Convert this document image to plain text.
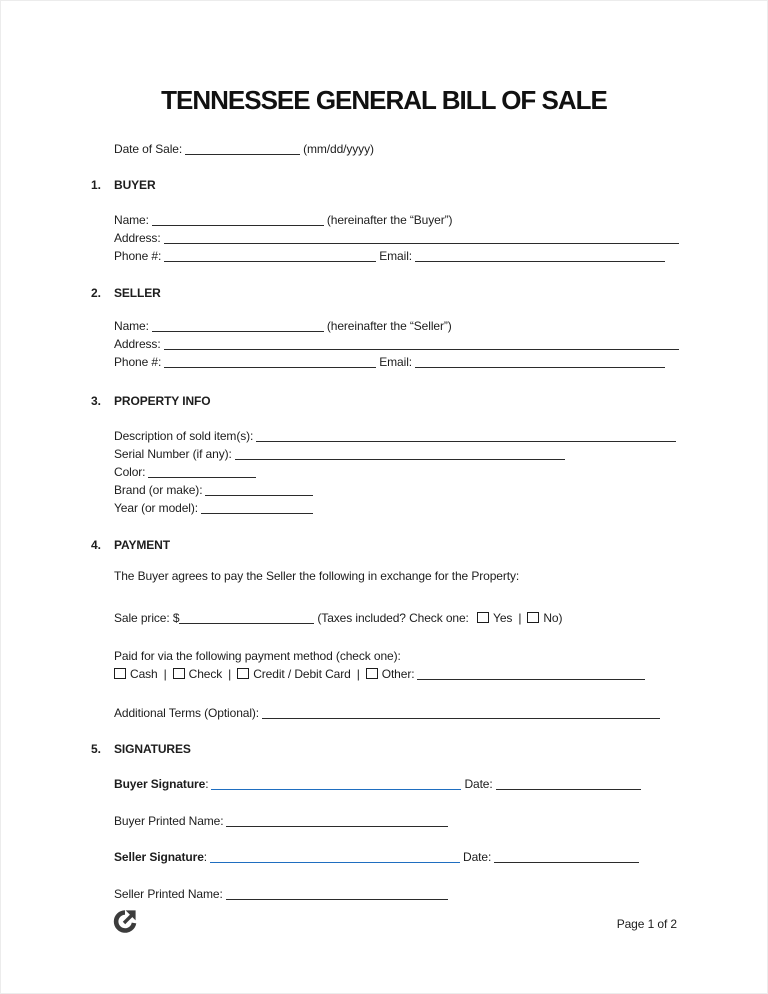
TENNESSEE GENERAL BILL OF SALE
Date of Sale:	(mm/dd/yyyy)
1. BUYER
Name:	(hereinafter the “Buyer”)
Address:
Phone #:	Email:
2. SELLER
Name:	(hereinafter the “Seller”)
Address:
Phone #:	Email:
3. PROPERTY INFO
Description of sold item(s):
Serial Number (if any):
Color:
Brand (or make):
Year (or model):
4. PAYMENT
The Buyer agrees to pay the Seller the following in exchange for the Property:
Sale price: $	(Taxes included? Check one: Yes | No)
Paid for via the following payment method (check one):
Cash | Check | Credit / Debit Card | Other:
Additional Terms (Optional):
5. SIGNATURES
Buyer Signature:	Date:
Buyer Printed Name:
Seller Signature:	Date:
Seller Printed Name:
Page 1 of 2
